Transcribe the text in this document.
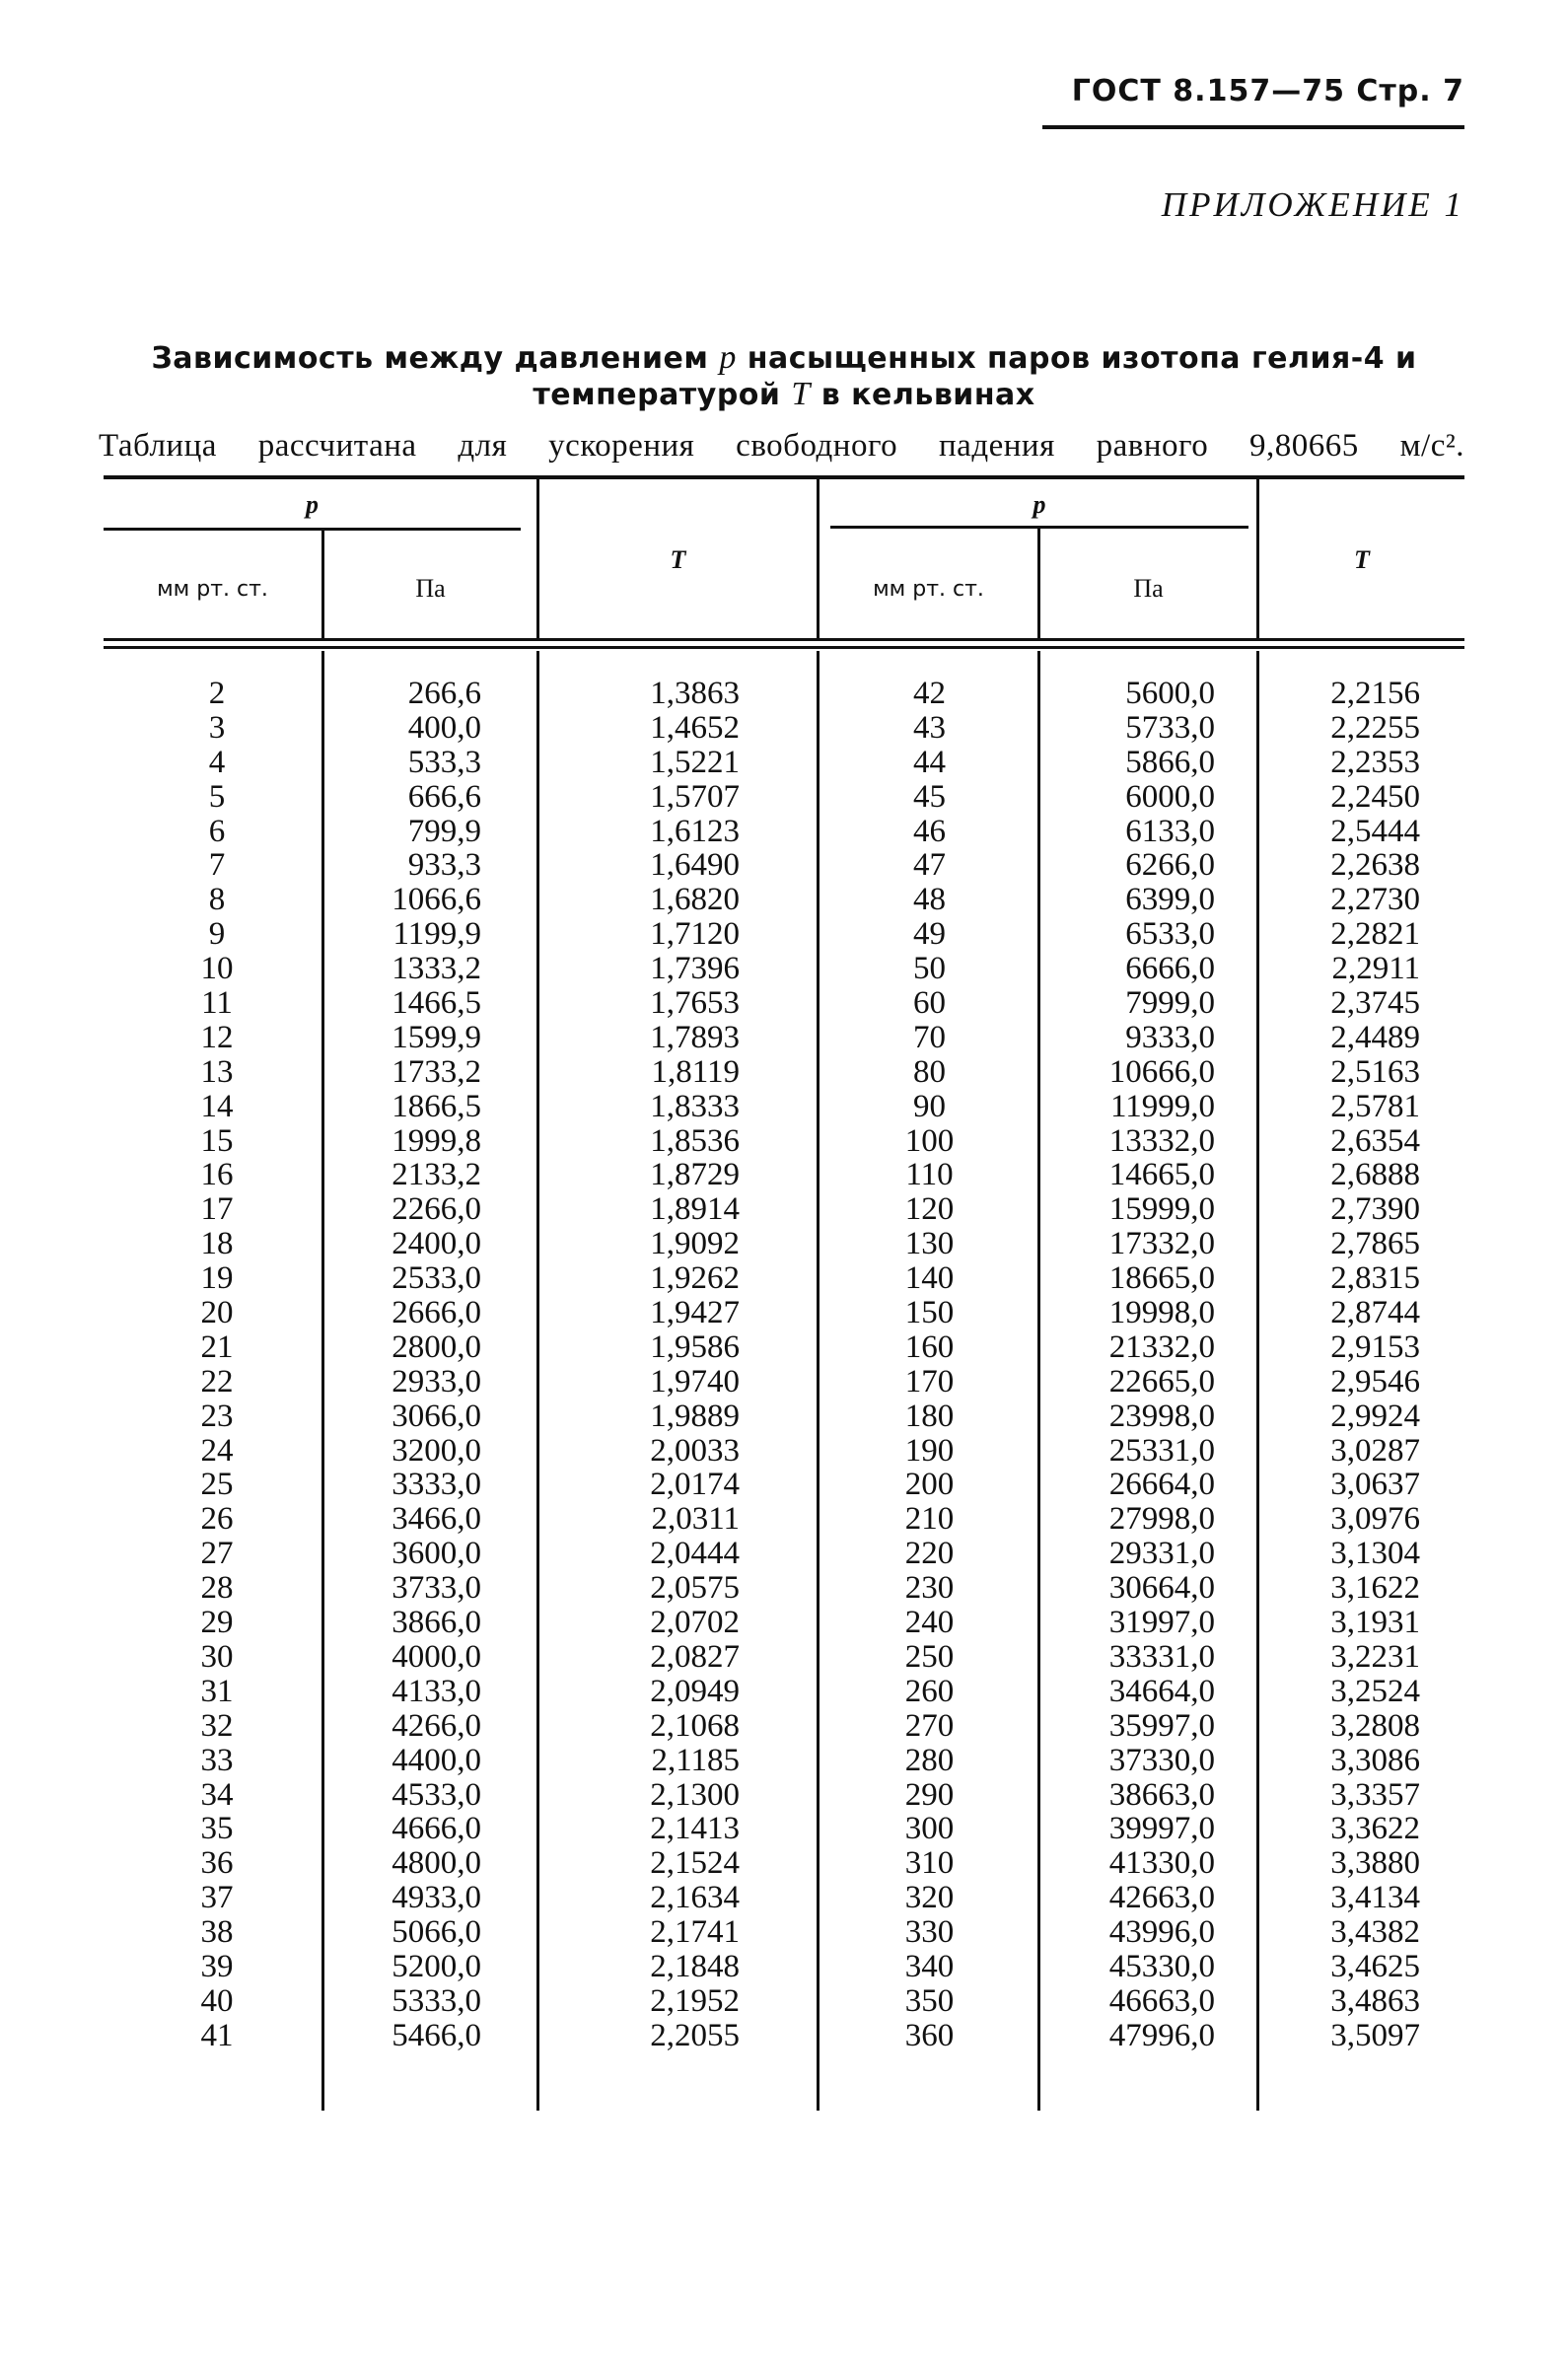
ГОСТ 8.157—75 Стр. 7
ПРИЛОЖЕНИЕ 1
Зависимость между давлением p насыщенных паров изотопа гелия-4 и
температурой T в кельвинах
Таблица рассчитана для ускорения свободного падения равного 9,80665 м/с².
p
мм рт. ст.	Па
T
p
мм рт. ст.	Па
T
2
3
4
5
6
7
8
9
10
11
12
13
14
15
16
17
18
19
20
21
22
23
24
25
26
27
28
29
30
31
32
33
34
35
36
37
38
39
40
41
266,6
400,0
533,3
666,6
799,9
933,3
1066,6
1199,9
1333,2
1466,5
1599,9
1733,2
1866,5
1999,8
2133,2
2266,0
2400,0
2533,0
2666,0
2800,0
2933,0
3066,0
3200,0
3333,0
3466,0
3600,0
3733,0
3866,0
4000,0
4133,0
4266,0
4400,0
4533,0
4666,0
4800,0
4933,0
5066,0
5200,0
5333,0
5466,0
1,3863
1,4652
1,5221
1,5707
1,6123
1,6490
1,6820
1,7120
1,7396
1,7653
1,7893
1,8119
1,8333
1,8536
1,8729
1,8914
1,9092
1,9262
1,9427
1,9586
1,9740
1,9889
2,0033
2,0174
2,0311
2,0444
2,0575
2,0702
2,0827
2,0949
2,1068
2,1185
2,1300
2,1413
2,1524
2,1634
2,1741
2,1848
2,1952
2,2055
42
43
44
45
46
47
48
49
50
60
70
80
90
100
110
120
130
140
150
160
170
180
190
200
210
220
230
240
250
260
270
280
290
300
310
320
330
340
350
360
5600,0
5733,0
5866,0
6000,0
6133,0
6266,0
6399,0
6533,0
6666,0
7999,0
9333,0
10666,0
11999,0
13332,0
14665,0
15999,0
17332,0
18665,0
19998,0
21332,0
22665,0
23998,0
25331,0
26664,0
27998,0
29331,0
30664,0
31997,0
33331,0
34664,0
35997,0
37330,0
38663,0
39997,0
41330,0
42663,0
43996,0
45330,0
46663,0
47996,0
2,2156
2,2255
2,2353
2,2450
2,5444
2,2638
2,2730
2,2821
2,2911
2,3745
2,4489
2,5163
2,5781
2,6354
2,6888
2,7390
2,7865
2,8315
2,8744
2,9153
2,9546
2,9924
3,0287
3,0637
3,0976
3,1304
3,1622
3,1931
3,2231
3,2524
3,2808
3,3086
3,3357
3,3622
3,3880
3,4134
3,4382
3,4625
3,4863
3,5097
